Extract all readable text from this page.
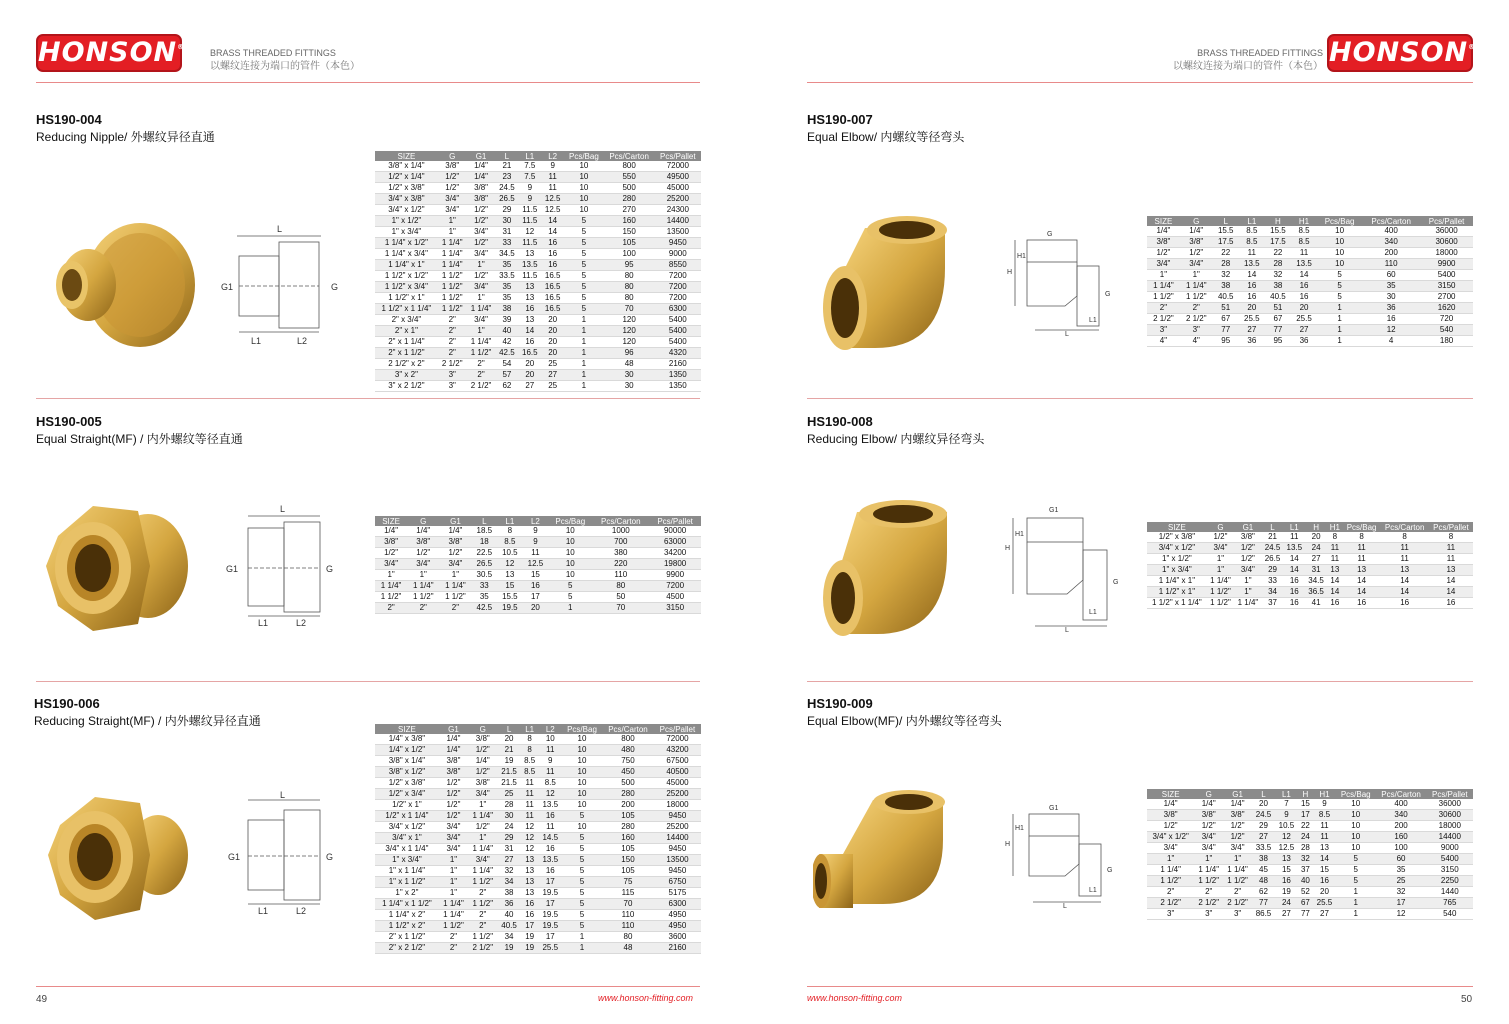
HONSON®
BRASS THREADED FITTINGS
以螺纹连接为端口的管件（本色）
HS190-004
Reducing Nipple/ 外螺纹异径直通
L
G1	G
L1	L2
SIZE	G	G1	L	L1	L2	Pcs/Bag	Pcs/Carton	Pcs/Pallet
3/8" x 1/4"	3/8"	1/4"	21	7.5	9	10	800	72000
1/2" x 1/4"	1/2"	1/4"	23	7.5	11	10	550	49500
1/2" x 3/8"	1/2"	3/8"	24.5	9	11	10	500	45000
3/4" x 3/8"	3/4"	3/8"	26.5	9	12.5	10	280	25200
3/4" x 1/2"	3/4"	1/2"	29	11.5	12.5	10	270	24300
1" x 1/2"	1"	1/2"	30	11.5	14	5	160	14400
1" x 3/4"	1"	3/4"	31	12	14	5	150	13500
1 1/4" x 1/2"	1 1/4"	1/2"	33	11.5	16	5	105	9450
1 1/4" x 3/4"	1 1/4"	3/4"	34.5	13	16	5	100	9000
1 1/4" x 1"	1 1/4"	1"	35	13.5	16	5	95	8550
1 1/2" x 1/2"	1 1/2"	1/2"	33.5	11.5	16.5	5	80	7200
1 1/2" x 3/4"	1 1/2"	3/4"	35	13	16.5	5	80	7200
1 1/2" x 1"	1 1/2"	1"	35	13	16.5	5	80	7200
1 1/2" x 1 1/4"	1 1/2"	1 1/4"	38	16	16.5	5	70	6300
2" x 3/4"	2"	3/4"	39	13	20	1	120	5400
2" x 1"	2"	1"	40	14	20	1	120	5400
2" x 1 1/4"	2"	1 1/4"	42	16	20	1	120	5400
2" x 1 1/2"	2"	1 1/2"	42.5	16.5	20	1	96	4320
2 1/2" x 2"	2 1/2"	2"	54	20	25	1	48	2160
3" x 2"	3"	2"	57	20	27	1	30	1350
3" x 2 1/2"	3"	2 1/2"	62	27	25	1	30	1350
HS190-005
Equal Straight(MF) / 内外螺纹等径直通
L
G1	G
L1	L2
SIZE	G	G1	L	L1	L2	Pcs/Bag	Pcs/Carton	Pcs/Pallet
1/4"	1/4"	1/4"	18.5	8	9	10	1000	90000
3/8"	3/8"	3/8"	18	8.5	9	10	700	63000
1/2"	1/2"	1/2"	22.5	10.5	11	10	380	34200
3/4"	3/4"	3/4"	26.5	12	12.5	10	220	19800
1"	1"	1"	30.5	13	15	10	110	9900
1 1/4"	1 1/4"	1 1/4"	33	15	16	5	80	7200
1 1/2"	1 1/2"	1 1/2"	35	15.5	17	5	50	4500
2"	2"	2"	42.5	19.5	20	1	70	3150
HS190-006
Reducing Straight(MF) / 内外螺纹异径直通
L
G1	G
L1	L2
SIZE	G1	G	L	L1	L2	Pcs/Bag	Pcs/Carton	Pcs/Pallet
1/4" x 3/8"	1/4"	3/8"	20	8	10	10	800	72000
1/4" x 1/2"	1/4"	1/2"	21	8	11	10	480	43200
3/8" x 1/4"	3/8"	1/4"	19	8.5	9	10	750	67500
3/8" x 1/2"	3/8"	1/2"	21.5	8.5	11	10	450	40500
1/2" x 3/8"	1/2"	3/8"	21.5	11	8.5	10	500	45000
1/2" x 3/4"	1/2"	3/4"	25	11	12	10	280	25200
1/2" x 1"	1/2"	1"	28	11	13.5	10	200	18000
1/2" x 1 1/4"	1/2"	1 1/4"	30	11	16	5	105	9450
3/4" x 1/2"	3/4"	1/2"	24	12	11	10	280	25200
3/4" x 1"	3/4"	1"	29	12	14.5	5	160	14400
3/4" x 1 1/4"	3/4"	1 1/4"	31	12	16	5	105	9450
1" x 3/4"	1"	3/4"	27	13	13.5	5	150	13500
1" x 1 1/4"	1"	1 1/4"	32	13	16	5	105	9450
1" x 1 1/2"	1"	1 1/2"	34	13	17	5	75	6750
1" x 2"	1"	2"	38	13	19.5	5	115	5175
1 1/4" x 1 1/2"	1 1/4"	1 1/2"	36	16	17	5	70	6300
1 1/4" x 2"	1 1/4"	2"	40	16	19.5	5	110	4950
1 1/2" x 2"	1 1/2"	2"	40.5	17	19.5	5	110	4950
2" x 1 1/2"	2"	1 1/2"	34	19	17	1	80	3600
2" x 2 1/2"	2"	2 1/2"	19	19	25.5	1	48	2160
49	www.honson-fitting.com
BRASS THREADED FITTINGS
以螺纹连接为端口的管件（本色） HONSON®
HS190-007
Equal Elbow/ 内螺纹等径弯头
G
H
H1
G
L1
L
SIZE	G	L	L1	H	H1	Pcs/Bag	Pcs/Carton	Pcs/Pallet
1/4"	1/4"	15.5	8.5	15.5	8.5	10	400	36000
3/8"	3/8"	17.5	8.5	17.5	8.5	10	340	30600
1/2"	1/2"	22	11	22	11	10	200	18000
3/4"	3/4"	28	13.5	28	13.5	10	110	9900
1"	1"	32	14	32	14	5	60	5400
1 1/4"	1 1/4"	38	16	38	16	5	35	3150
1 1/2"	1 1/2"	40.5	16	40.5	16	5	30	2700
2"	2"	51	20	51	20	1	36	1620
2 1/2"	2 1/2"	67	25.5	67	25.5	1	16	720
3"	3"	77	27	77	27	1	12	540
4"	4"	95	36	95	36	1	4	180
HS190-008
Reducing Elbow/ 内螺纹异径弯头
G1
H
H1
G
L1
L
SIZE	G	G1	L	L1	H	H1	Pcs/Bag	Pcs/Carton	Pcs/Pallet
1/2" x 3/8"	1/2"	3/8"	21	11	20	8	8	8	8
3/4" x 1/2"	3/4"	1/2"	24.5	13.5	24	11	11	11	11
1" x 1/2"	1"	1/2"	26.5	14	27	11	11	11	11
1" x 3/4"	1"	3/4"	29	14	31	13	13	13	13
1 1/4" x 1"	1 1/4"	1"	33	16	34.5	14	14	14	14
1 1/2" x 1"	1 1/2"	1"	34	16	36.5	14	14	14	14
1 1/2" x 1 1/4"	1 1/2"	1 1/4"	37	16	41	16	16	16	16
HS190-009
Equal Elbow(MF)/ 内外螺纹等径弯头
G1
H
H1
G
L1
L
SIZE	G	G1	L	L1	H	H1	Pcs/Bag	Pcs/Carton	Pcs/Pallet
1/4"	1/4"	1/4"	20	7	15	9	10	400	36000
3/8"	3/8"	3/8"	24.5	9	17	8.5	10	340	30600
1/2"	1/2"	1/2"	29	10.5	22	11	10	200	18000
3/4" x 1/2"	3/4"	1/2"	27	12	24	11	10	160	14400
3/4"	3/4"	3/4"	33.5	12.5	28	13	10	100	9000
1"	1"	1"	38	13	32	14	5	60	5400
1 1/4"	1 1/4"	1 1/4"	45	15	37	15	5	35	3150
1 1/2"	1 1/2"	1 1/2"	48	16	40	16	5	25	2250
2"	2"	2"	62	19	52	20	1	32	1440
2 1/2"	2 1/2"	2 1/2"	77	24	67	25.5	1	17	765
3"	3"	3"	86.5	27	77	27	1	12	540
www.honson-fitting.com	50
